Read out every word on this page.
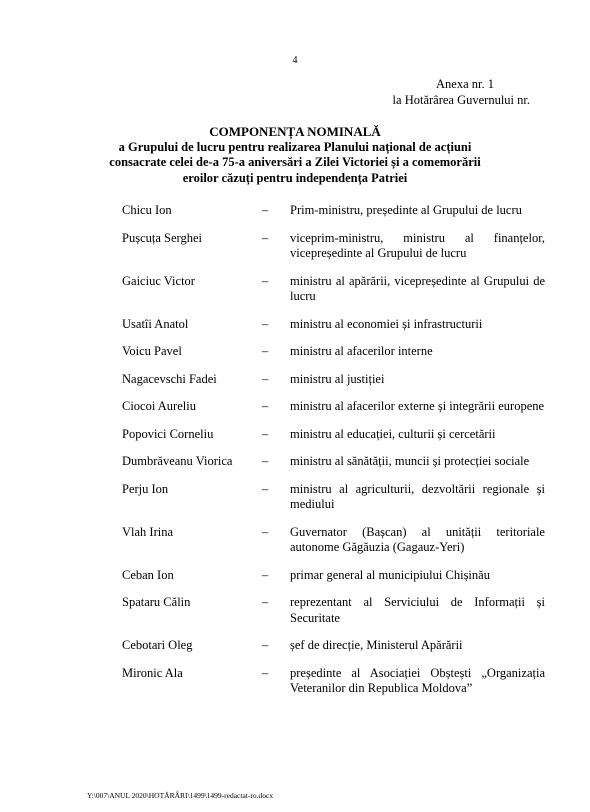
4
Anexa nr. 1
la Hotărârea Guvernului nr.
COMPONENȚA NOMINALĂ
a Grupului de lucru pentru realizarea Planului național de acțiuni
consacrate celei de-a 75-a aniversări a Zilei Victoriei și a comemorării
eroilor căzuți pentru independența Patriei
Chicu Ion	–	Prim-ministru, președinte al Grupului de lucru
Pușcuța Serghei	–	viceprim-ministru, ministru al finanțelor, vicepreședinte al Grupului de lucru
Gaiciuc Victor	–	ministru al apărării, vicepreședinte al Grupului de lucru
Usatîi Anatol	–	ministru al economiei și infrastructurii
Voicu Pavel	–	ministru al afacerilor interne
Nagacevschi Fadei	–	ministru al justiției
Ciocoi Aureliu	–	ministru al afacerilor externe și integrării europene
Popovici Corneliu	–	ministru al educației, culturii și cercetării
Dumbrăveanu Viorica	–	ministru al sănătății, muncii și protecției sociale
Perju Ion	–	ministru al agriculturii, dezvoltării regionale și mediului
Vlah Irina	–	Guvernator (Bașcan) al unității teritoriale autonome Găgăuzia (Gagauz-Yeri)
Ceban Ion	–	primar general al municipiului Chișinău
Spataru Călin	–	reprezentant al Serviciului de Informații și Securitate
Cebotari Oleg	–	șef de direcție, Ministerul Apărării
Mironic Ala	–	președinte al Asociației Obștești „Organizația Veteranilor din Republica Moldova”
Y:\007\ANUL 2020\HOTĂRÂRI\1499\1499-redactat-ro.docx
